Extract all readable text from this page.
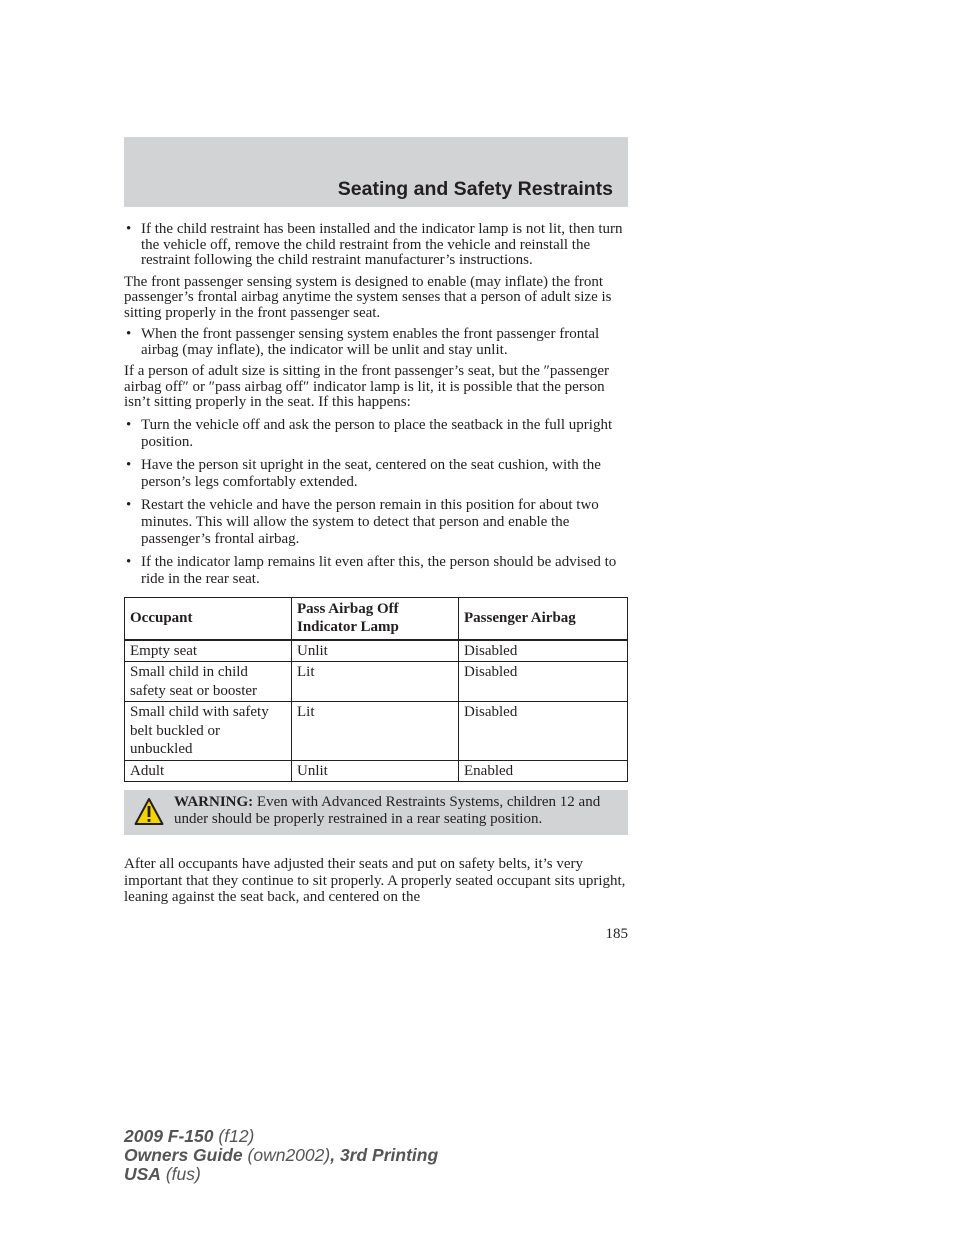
Seating and Safety Restraints
• If the child restraint has been installed and the indicator lamp is not lit, then turn the vehicle off, remove the child restraint from the vehicle and reinstall the restraint following the child restraint manufacturer’s instructions.

The front passenger sensing system is designed to enable (may inflate) the front passenger’s frontal airbag anytime the system senses that a person of adult size is sitting properly in the front passenger seat.

• When the front passenger sensing system enables the front passenger frontal airbag (may inflate), the indicator will be unlit and stay unlit.

If a person of adult size is sitting in the front passenger’s seat, but the ″passenger airbag off″ or ″pass airbag off″ indicator lamp is lit, it is possible that the person isn’t sitting properly in the seat. If this happens:

• Turn the vehicle off and ask the person to place the seatback in the full upright position.
• Have the person sit upright in the seat, centered on the seat cushion, with the person’s legs comfortably extended.
• Restart the vehicle and have the person remain in this position for about two minutes. This will allow the system to detect that person and enable the passenger’s frontal airbag.
• If the indicator lamp remains lit even after this, the person should be advised to ride in the rear seat.
Occupant	Pass Airbag Off Indicator Lamp	Passenger Airbag
Empty seat	Unlit	Disabled
Small child in child safety seat or booster	Lit	Disabled
Small child with safety belt buckled or unbuckled	Lit	Disabled
Adult	Unlit	Enabled
WARNING: Even with Advanced Restraints Systems, children 12 and under should be properly restrained in a rear seating position.

After all occupants have adjusted their seats and put on safety belts, it’s very important that they continue to sit properly. A properly seated occupant sits upright, leaning against the seat back, and centered on the

185
2009 F-150 (f12)
Owners Guide (own2002), 3rd Printing
USA (fus)
